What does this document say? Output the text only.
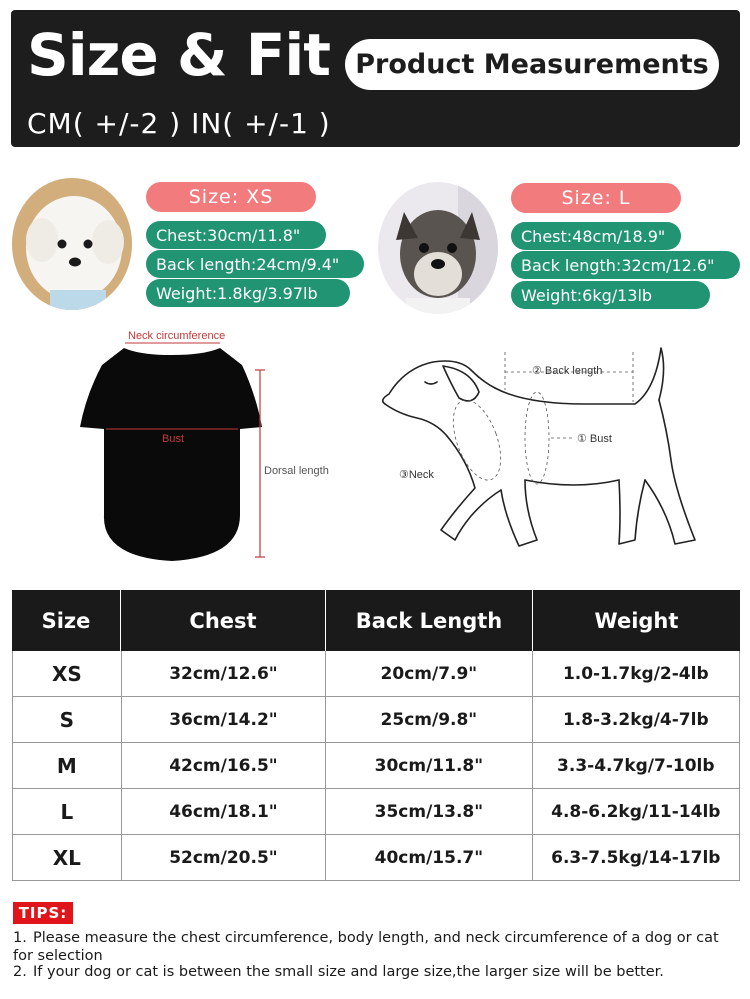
Size & Fit
CM( +/-2 ) IN( +/-1 )
Product Measurements
Size: XS
Chest:30cm/11.8"
Back length:24cm/9.4"
Weight:1.8kg/3.97lb
Size: L
Chest:48cm/18.9"
Back length:32cm/12.6"
Weight:6kg/13lb
Neck circumference
Bust
Dorsal length
② Back length
① Bust
③Neck
Size	Chest	Back Length	Weight
XS	32cm/12.6"	20cm/7.9"	1.0-1.7kg/2-4lb
S	36cm/14.2"	25cm/9.8"	1.8-3.2kg/4-7lb
M	42cm/16.5"	30cm/11.8"	3.3-4.7kg/7-10lb
L	46cm/18.1"	35cm/13.8"	4.8-6.2kg/11-14lb
XL	52cm/20.5"	40cm/15.7"	6.3-7.5kg/14-17lb
TIPS:
1. Please measure the chest circumference, body length, and neck circumference of a dog or cat for selection
2. If your dog or cat is between the small size and large size,the larger size will be better.
